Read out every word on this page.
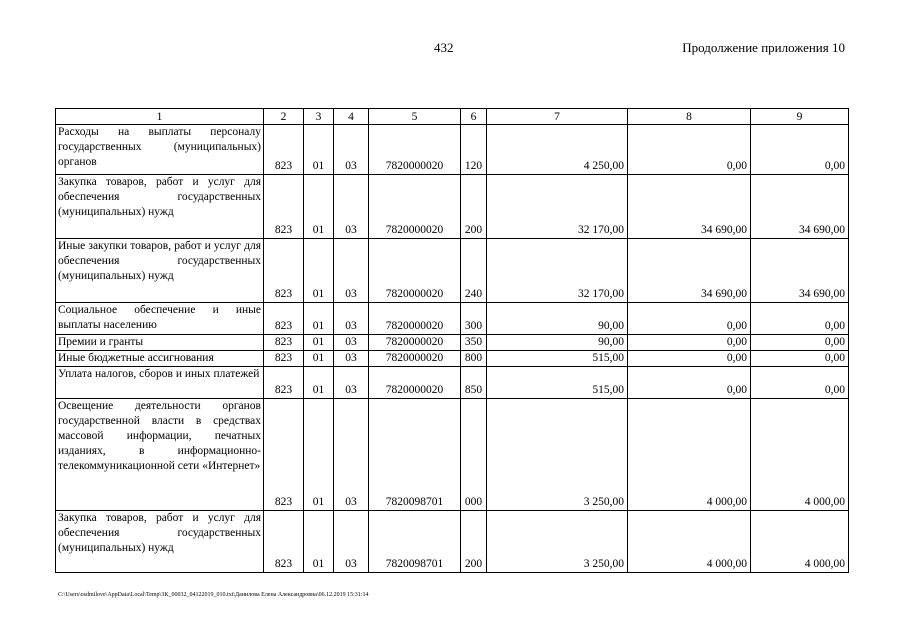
432	Продолжение приложения 10
1	2	3	4	5	6	7	8	9
Расходы на выплаты персоналу государственных (муниципальных) органов	823	01	03	7820000020	120	4 250,00	0,00	0,00
Закупка товаров, работ и услуг для обеспечения государственных (муниципальных) нужд	823	01	03	7820000020	200	32 170,00	34 690,00	34 690,00
Иные закупки товаров, работ и услуг для обеспечения государственных (муниципальных) нужд	823	01	03	7820000020	240	32 170,00	34 690,00	34 690,00
Социальное обеспечение и иные выплаты населению	823	01	03	7820000020	300	90,00	0,00	0,00
Премии и гранты	823	01	03	7820000020	350	90,00	0,00	0,00
Иные бюджетные ассигнования	823	01	03	7820000020	800	515,00	0,00	0,00
Уплата налогов, сборов и иных платежей	823	01	03	7820000020	850	515,00	0,00	0,00
Освещение деятельности органов государственной власти в средствах массовой информации, печатных изданиях, в информационно-телекоммуникационной сети «Интернет»	823	01	03	7820098701	000	3 250,00	4 000,00	4 000,00
Закупка товаров, работ и услуг для обеспечения государственных (муниципальных) нужд	823	01	03	7820098701	200	3 250,00	4 000,00	4 000,00
C:\Users\osdmilove\AppData\Local\Temp\3K_00032_04122019_010.txt\Данилова Елена Александровна\06.12.2019 15:31:14
